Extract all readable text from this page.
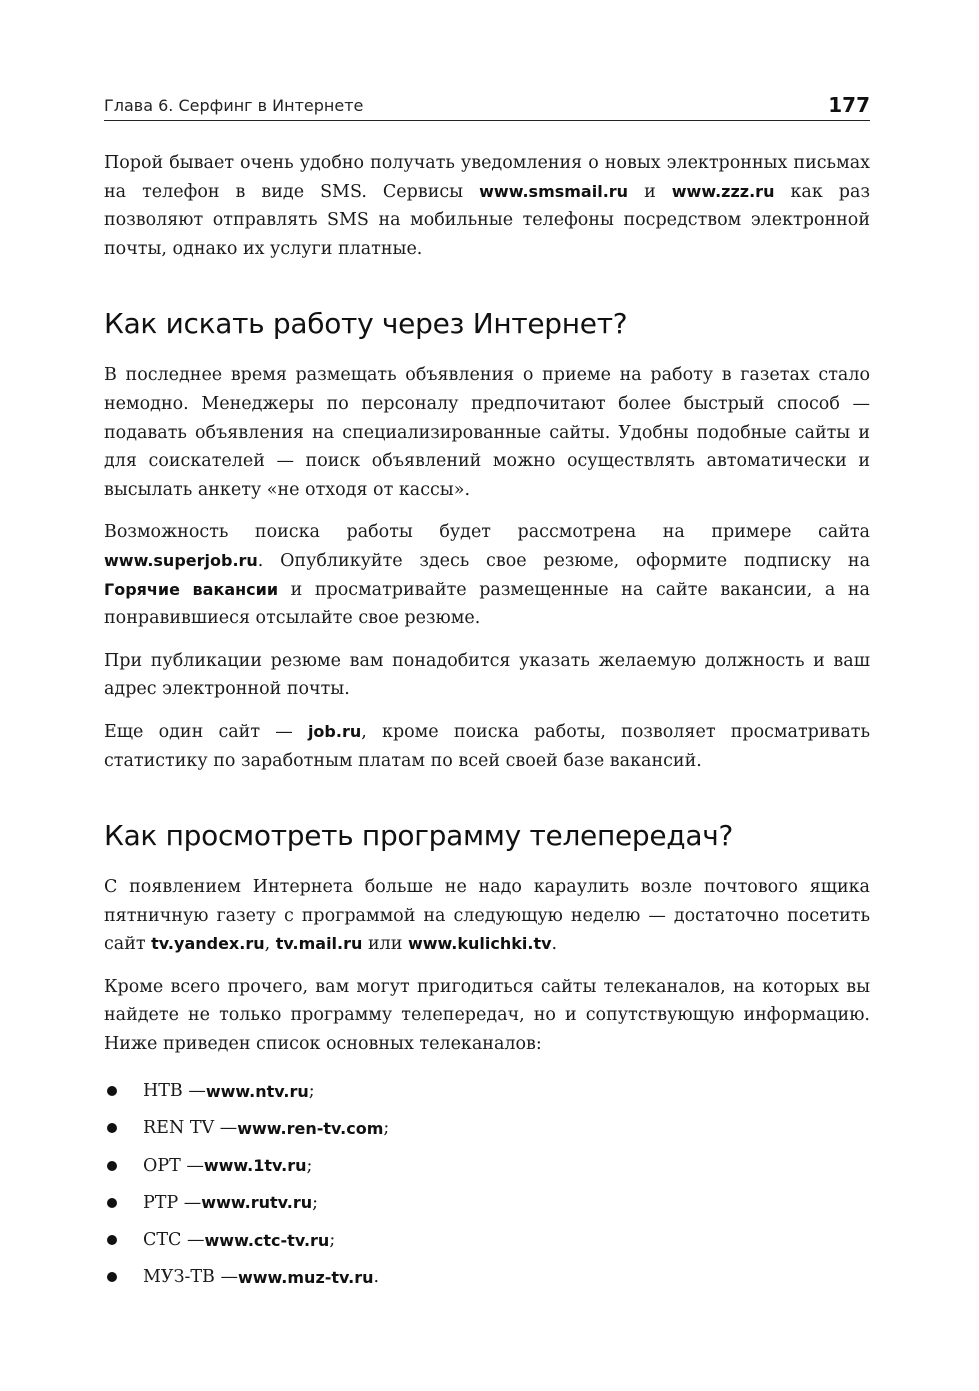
Глава 6. Серфинг в Интернете	177

Порой бывает очень удобно получать уведомления о новых электронных письмах на телефон в виде SMS. Сервисы www.smsmail.ru и www.zzz.ru как раз позволяют отправлять SMS на мобильные телефоны посредством электронной почты, однако их услуги платные.

Как искать работу через Интернет?

В последнее время размещать объявления о приеме на работу в газетах стало немодно. Менеджеры по персоналу предпочитают более быстрый способ — подавать объявления на специализированные сайты. Удобны подобные сайты и для соискателей — поиск объявлений можно осуществлять автоматически и высылать анкету «не отходя от кассы».

Возможность поиска работы будет рассмотрена на примере сайта www.superjob.ru. Опубликуйте здесь свое резюме, оформите подписку на Горячие вакансии и просматривайте размещенные на сайте вакансии, а на понравившиеся отсылайте свое резюме.

При публикации резюме вам понадобится указать желаемую должность и ваш адрес электронной почты.

Еще один сайт — job.ru, кроме поиска работы, позволяет просматривать статистику по заработным платам по всей своей базе вакансий.

Как просмотреть программу телепередач?

С появлением Интернета больше не надо караулить возле почтового ящика пятничную газету с программой на следующую неделю — достаточно посетить сайт tv.yandex.ru, tv.mail.ru или www.kulichki.tv.

Кроме всего прочего, вам могут пригодиться сайты телеканалов, на которых вы найдете не только программу телепередач, но и сопутствующую информацию. Ниже приведен список основных телеканалов:

НТВ — www.ntv.ru ;
REN TV — www.ren-tv.com ;
ОРТ — www.1tv.ru ;
РТР — www.rutv.ru ;
СТС — www.ctc-tv.ru ;
МУЗ-ТВ — www.muz-tv.ru .
